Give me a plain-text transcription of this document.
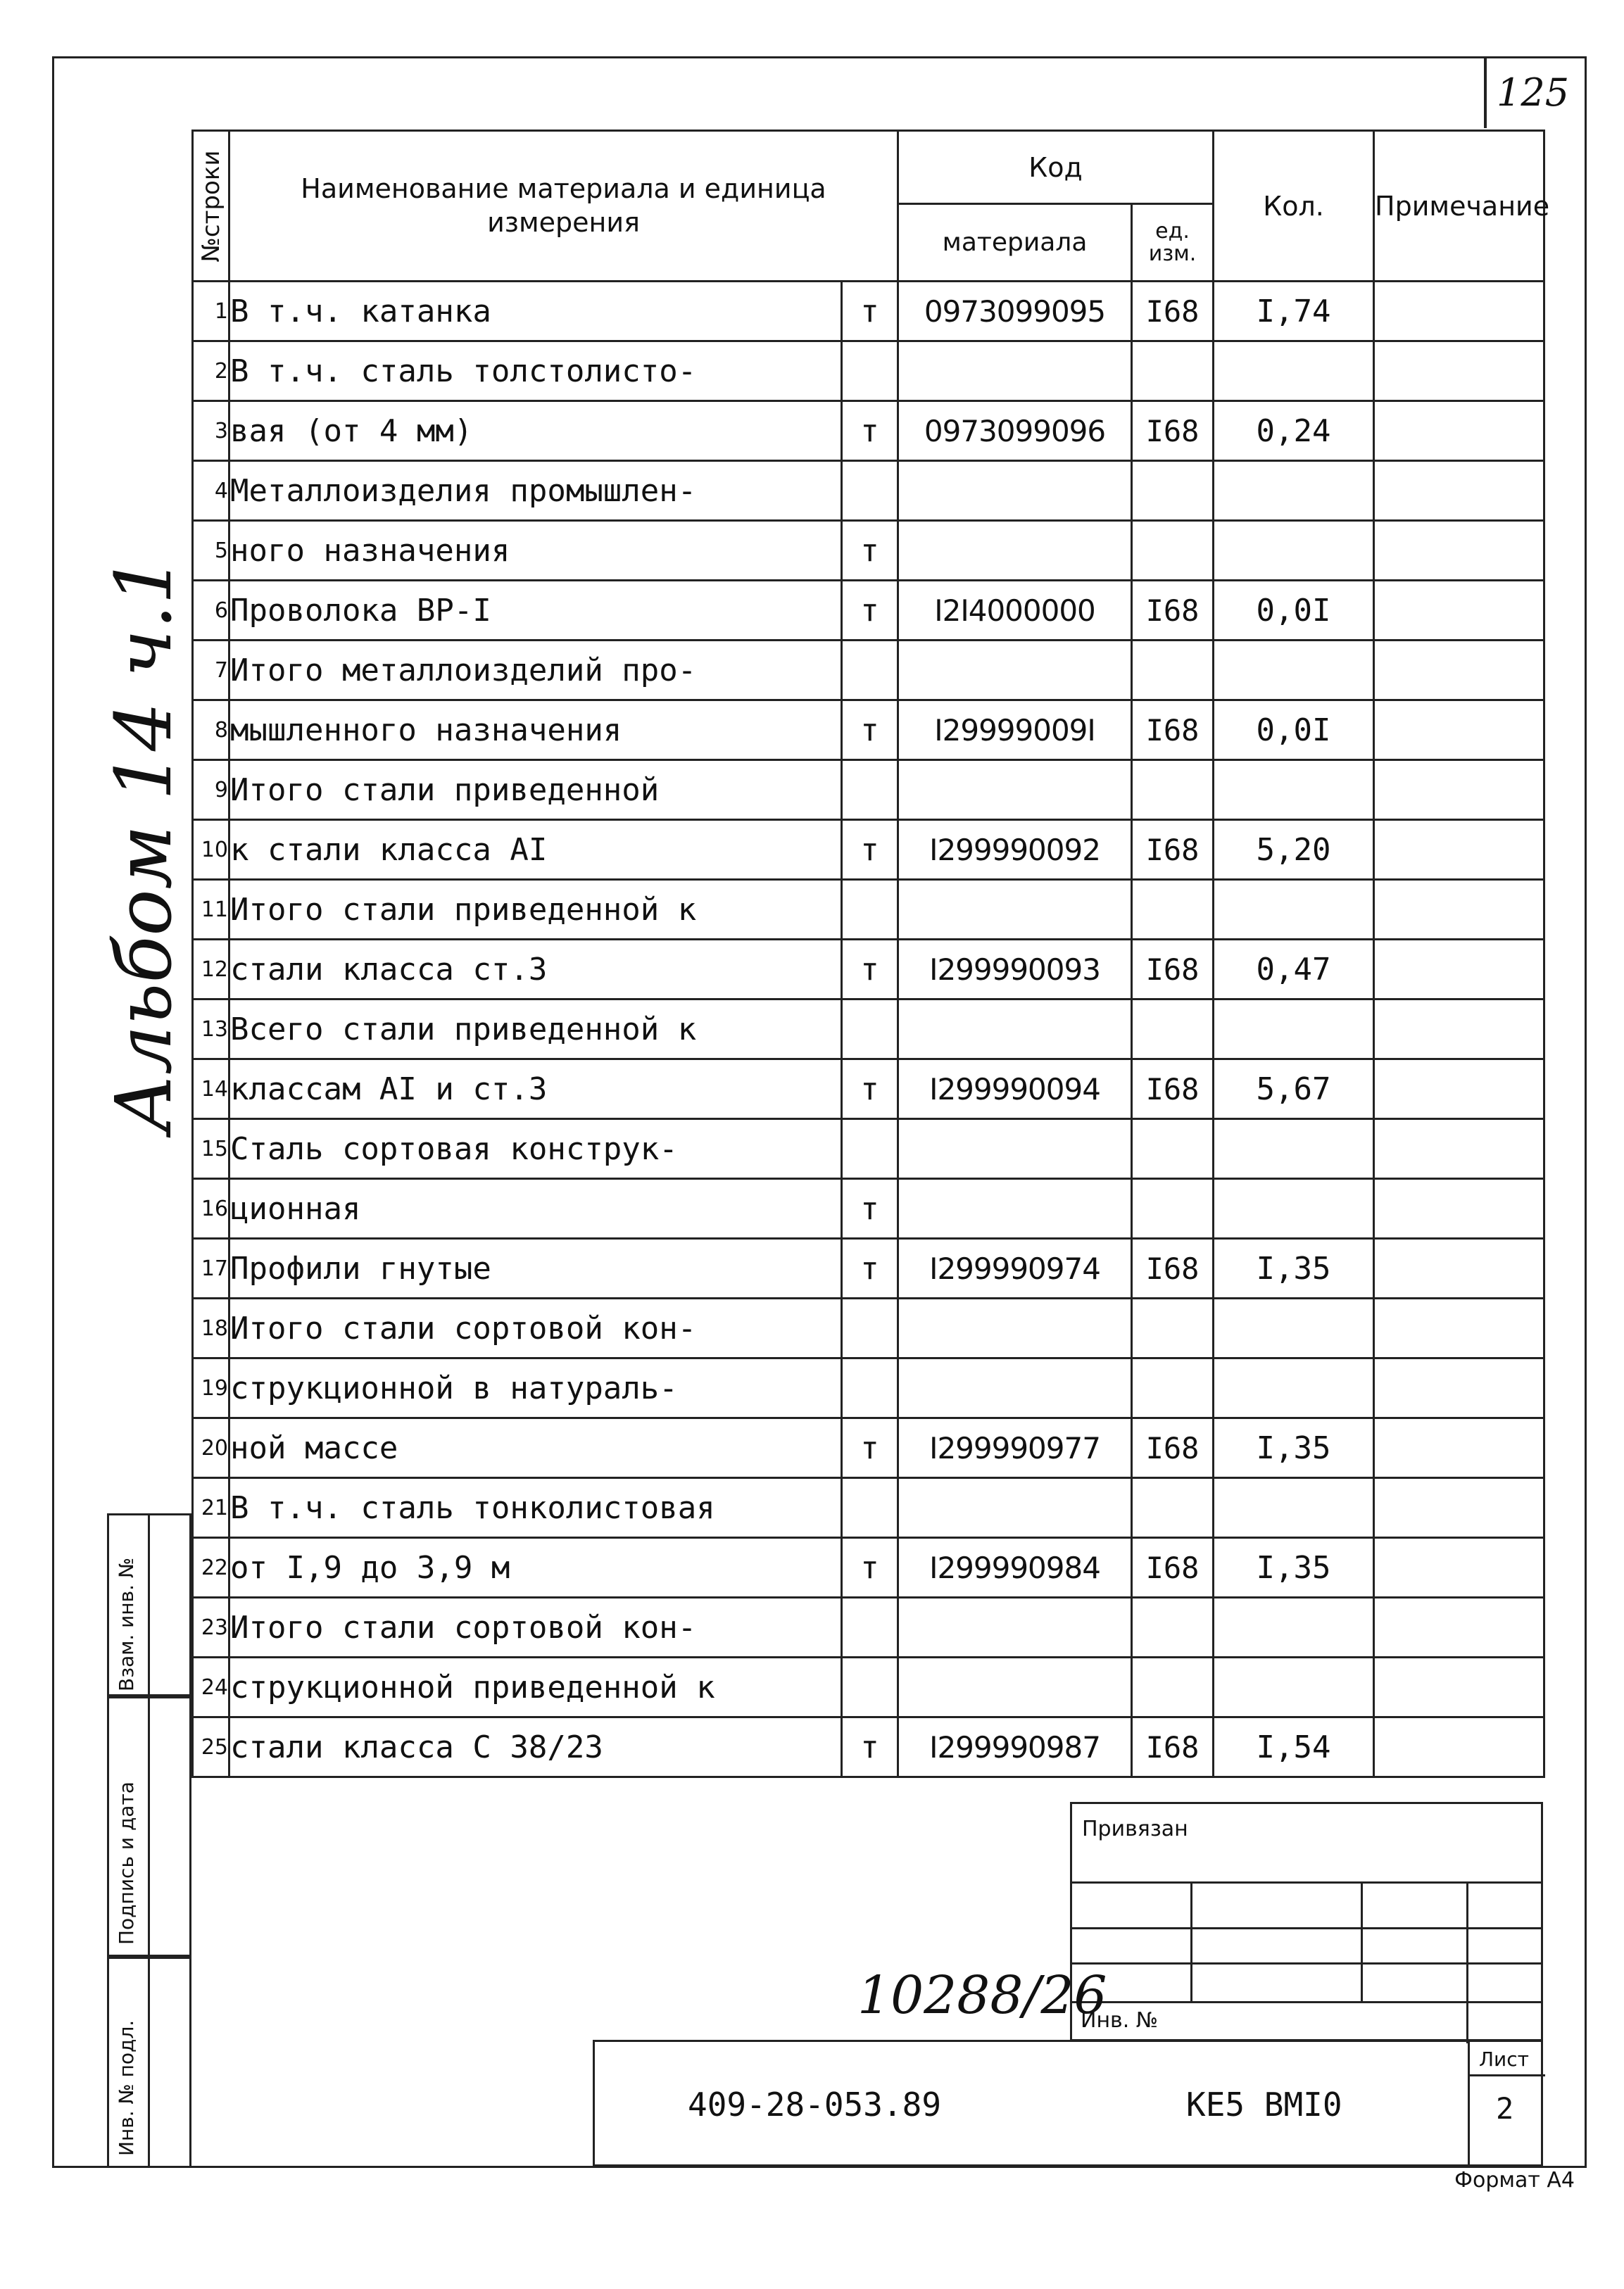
125
Альбом 14 ч.1
№строки	Наименование материала и единица измерения		Код		Кол.	Примечание
			материала	ед. изм.		
1	В т.ч. катанка	т	0973099095	I68	I,74	
2	В т.ч. сталь толстолисто-					
3	вая (от 4 мм)	т	0973099096	I68	0,24	
4	Металлоизделия промышлен-					
5	ного назначения	т				
6	Проволока ВР-I	т	I2I4000000	I68	0,0I	
7	Итого металлоизделий про-					
8	мышленного назначения	т	I29999009I	I68	0,0I	
9	Итого стали приведенной					
10	к стали класса АI	т	I299990092	I68	5,20	
11	Итого стали приведенной к					
12	стали класса ст.3	т	I299990093	I68	0,47	
13	Всего стали приведенной к					
14	классам АI и ст.3	т	I299990094	I68	5,67	
15	Сталь сортовая конструк-					
16	ционная	т				
17	Профили гнутые	т	I299990974	I68	I,35	
18	Итого стали сортовой кон-					
19	струкционной в натураль-					
20	ной массе	т	I299990977	I68	I,35	
21	В т.ч. сталь тонколистовая					
22	от I,9 до 3,9 м	т	I299990984	I68	I,35	
23	Итого стали сортовой кон-					
24	струкционной приведенной к					
25	стали класса С 38/23	т	I299990987	I68	I,54	
Взам. инв. №
Подпись и дата
Инв. № подл.
Привязан
Инв. №
10288/26
409-28-053.89	КЕ5 ВМI0
Лист
2
Формат А4
